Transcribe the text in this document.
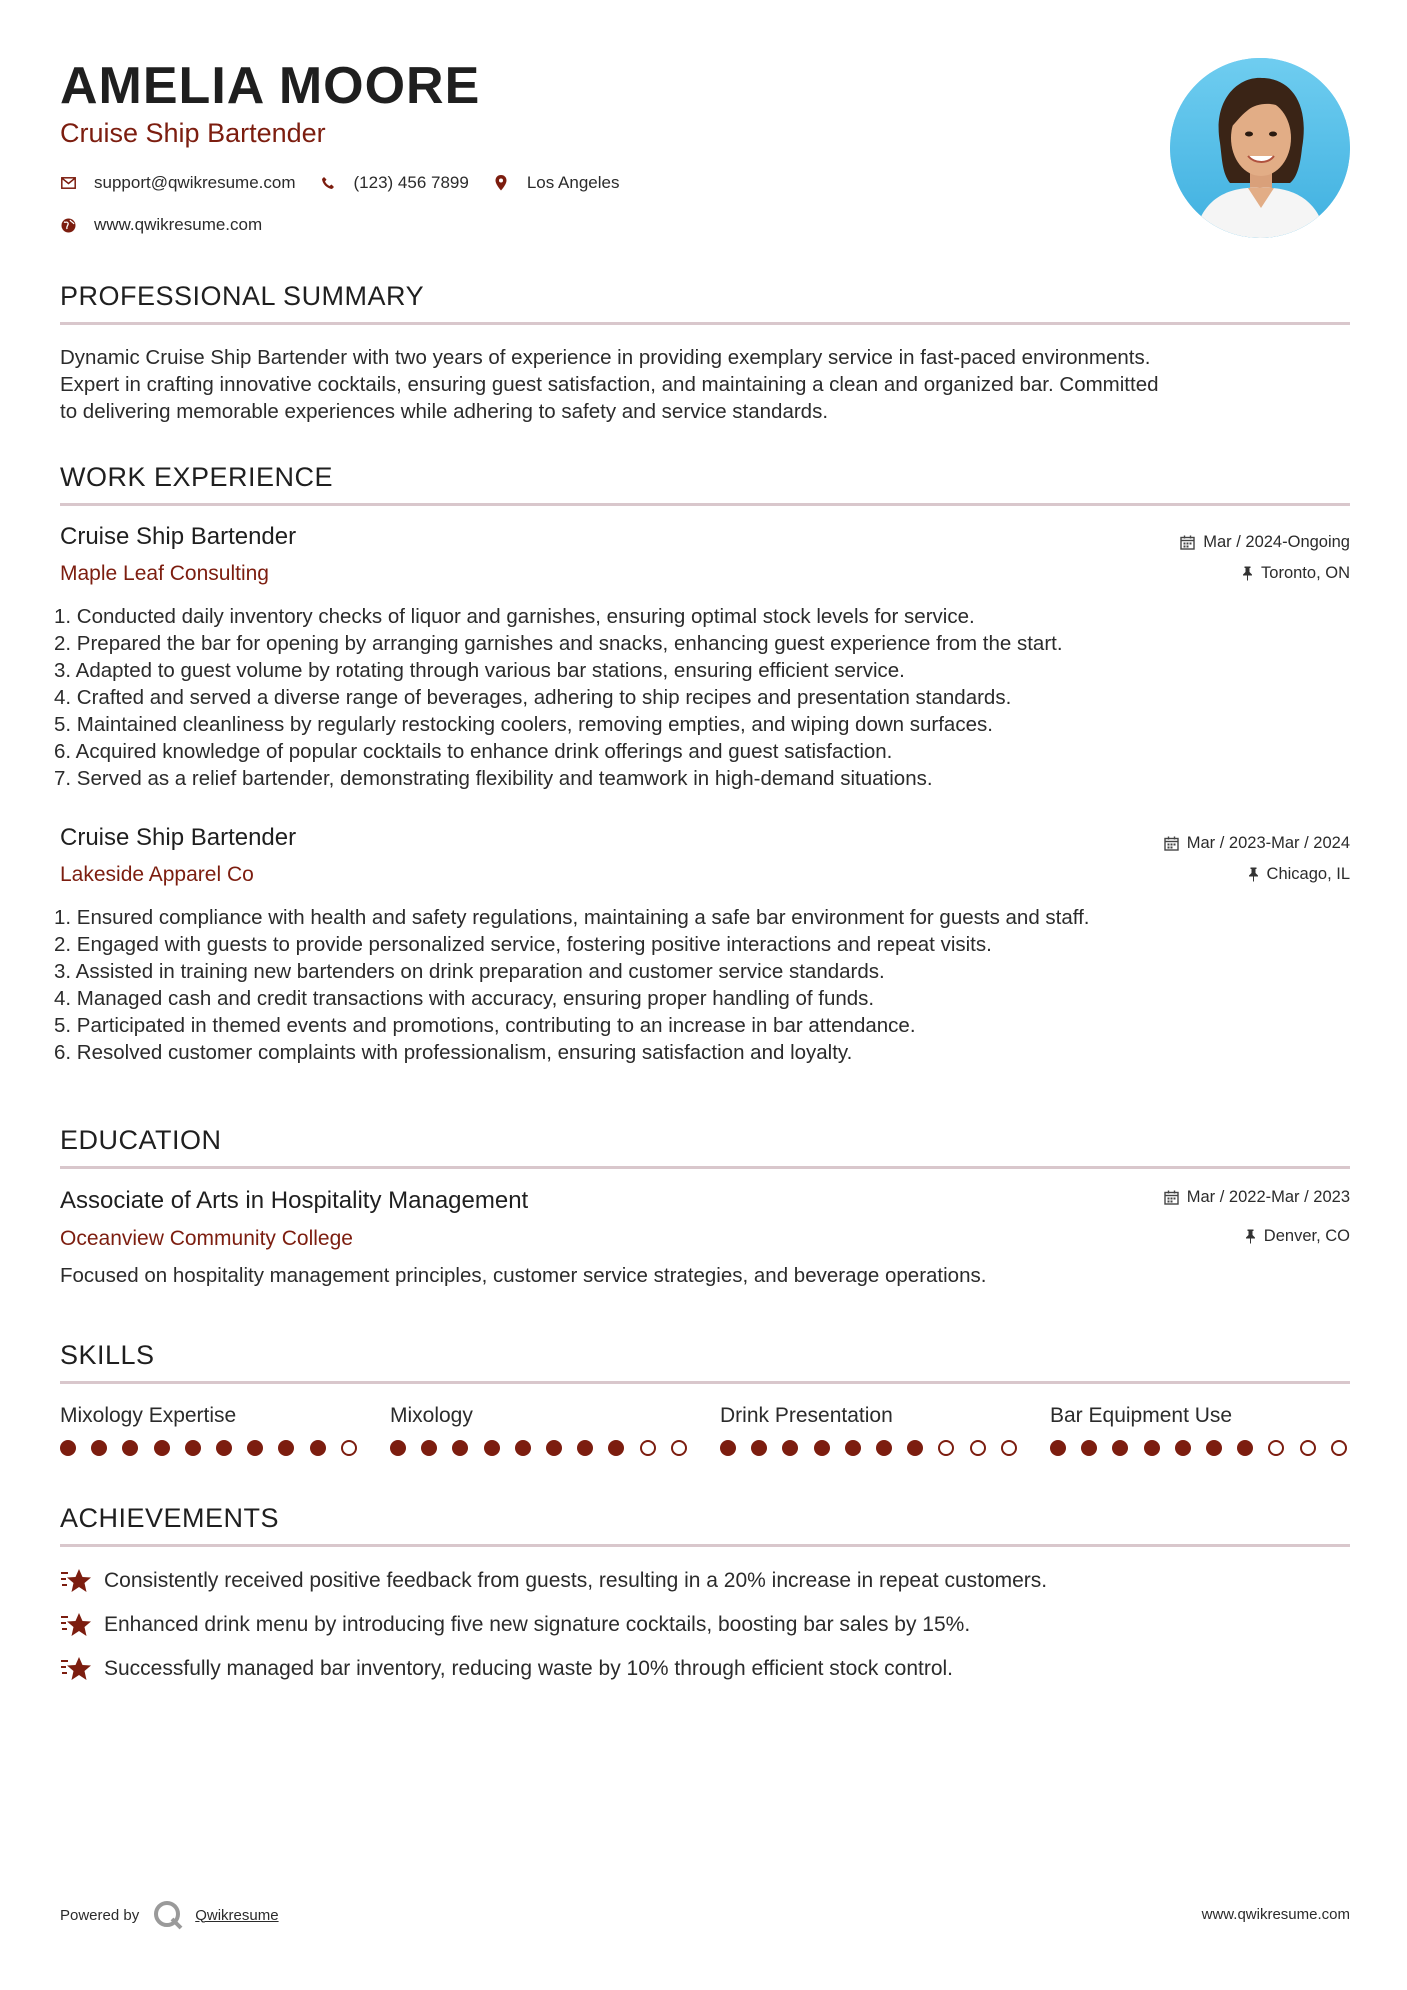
AMELIA MOORE
Cruise Ship Bartender
support@qwikresume.com	(123) 456 7899	Los Angeles
www.qwikresume.com
PROFESSIONAL SUMMARY
Dynamic Cruise Ship Bartender with two years of experience in providing exemplary service in fast-paced environments.
Expert in crafting innovative cocktails, ensuring guest satisfaction, and maintaining a clean and organized bar. Committed
to delivering memorable experiences while adhering to safety and service standards.
WORK EXPERIENCE
Cruise Ship Bartender
Maple Leaf Consulting
Mar / 2024-Ongoing
Toronto, ON
1. Conducted daily inventory checks of liquor and garnishes, ensuring optimal stock levels for service.
2. Prepared the bar for opening by arranging garnishes and snacks, enhancing guest experience from the start.
3. Adapted to guest volume by rotating through various bar stations, ensuring efficient service.
4. Crafted and served a diverse range of beverages, adhering to ship recipes and presentation standards.
5. Maintained cleanliness by regularly restocking coolers, removing empties, and wiping down surfaces.
6. Acquired knowledge of popular cocktails to enhance drink offerings and guest satisfaction.
7. Served as a relief bartender, demonstrating flexibility and teamwork in high-demand situations.
Cruise Ship Bartender
Lakeside Apparel Co
Mar / 2023-Mar / 2024
Chicago, IL
1. Ensured compliance with health and safety regulations, maintaining a safe bar environment for guests and staff.
2. Engaged with guests to provide personalized service, fostering positive interactions and repeat visits.
3. Assisted in training new bartenders on drink preparation and customer service standards.
4. Managed cash and credit transactions with accuracy, ensuring proper handling of funds.
5. Participated in themed events and promotions, contributing to an increase in bar attendance.
6. Resolved customer complaints with professionalism, ensuring satisfaction and loyalty.
EDUCATION
Associate of Arts in Hospitality Management
Oceanview Community College
Mar / 2022-Mar / 2023
Denver, CO
Focused on hospitality management principles, customer service strategies, and beverage operations.
SKILLS
Mixology Expertise	Mixology	Drink Presentation	Bar Equipment Use
ACHIEVEMENTS
Consistently received positive feedback from guests, resulting in a 20% increase in repeat customers.
Enhanced drink menu by introducing five new signature cocktails, boosting bar sales by 15%.
Successfully managed bar inventory, reducing waste by 10% through efficient stock control.
Powered by	Qwikresume	www.qwikresume.com
